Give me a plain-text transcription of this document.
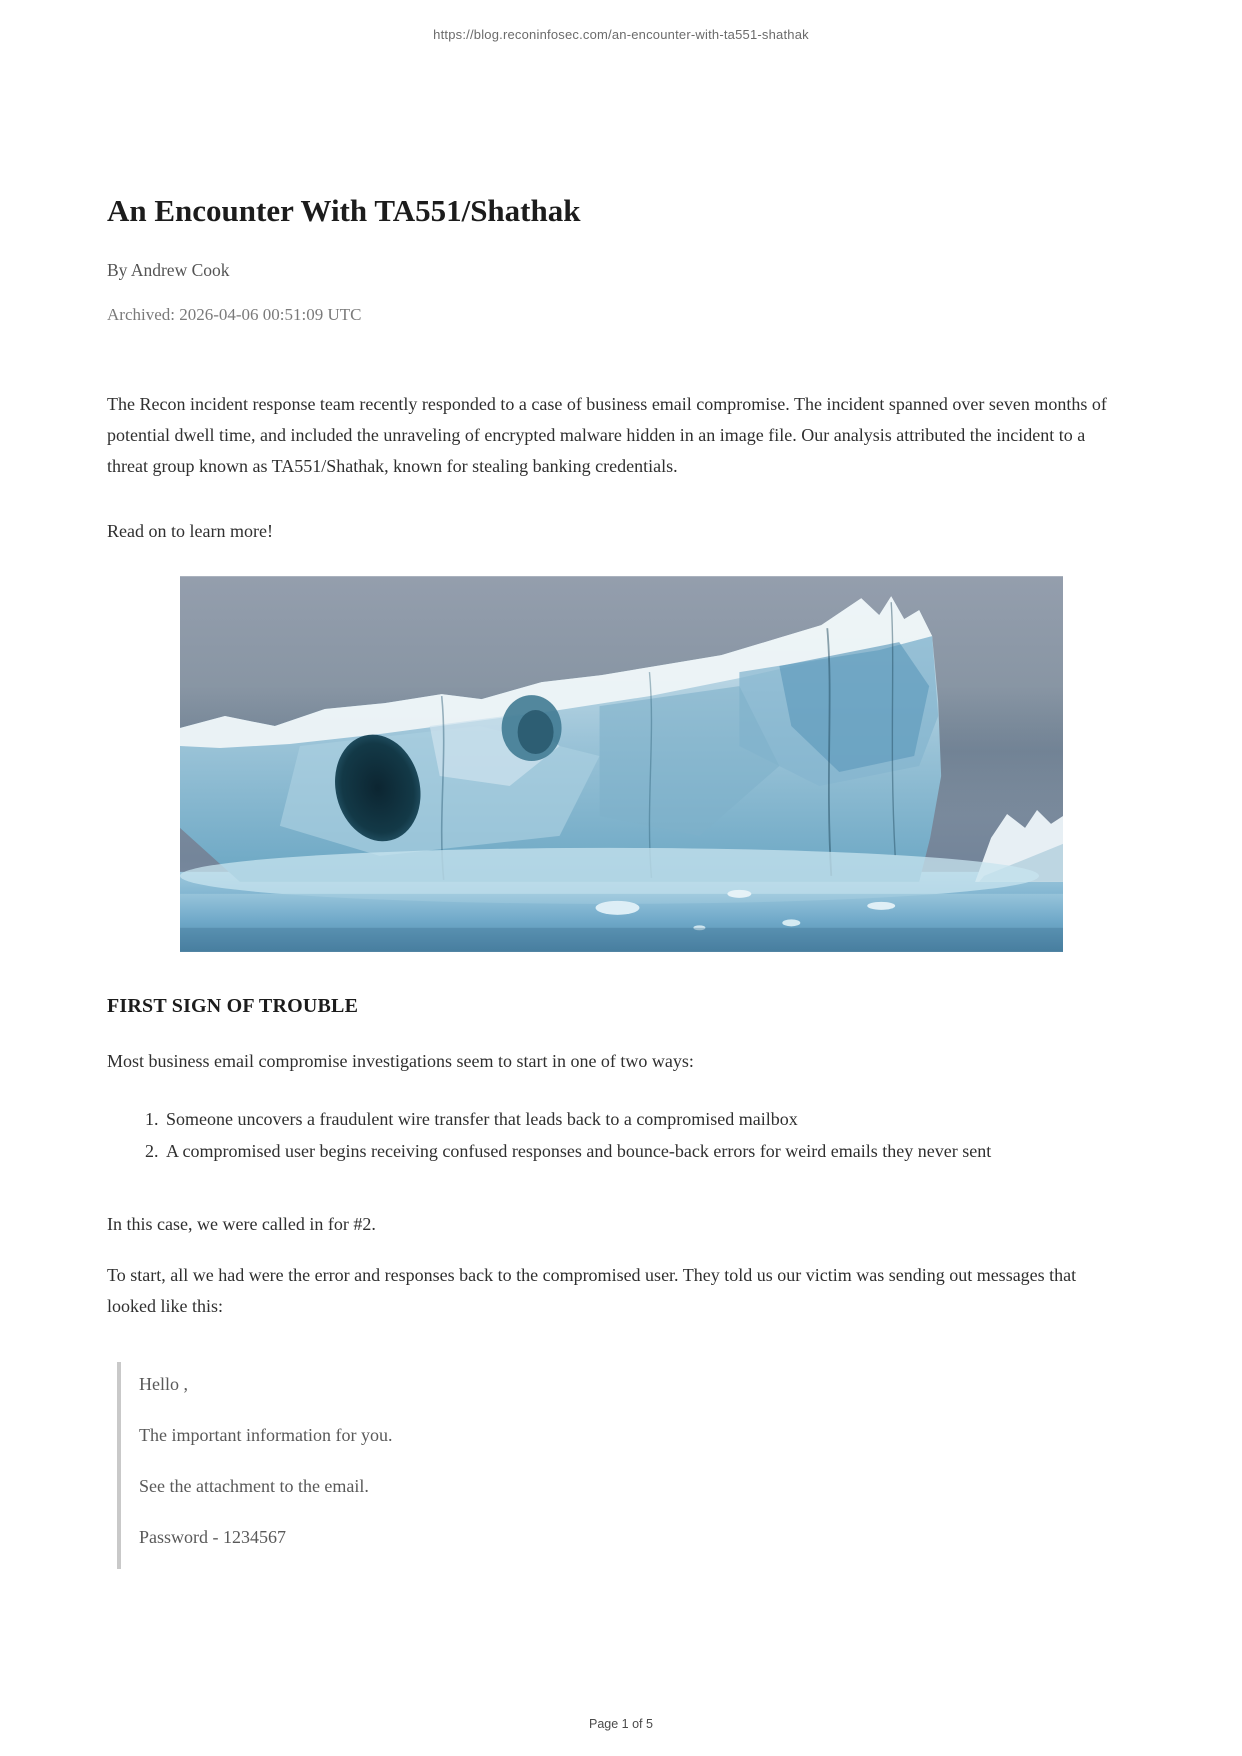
https://blog.reconinfosec.com/an-encounter-with-ta551-shathak
An Encounter With TA551/Shathak

By Andrew Cook

Archived: 2026-04-06 00:51:09 UTC

The Recon incident response team recently responded to a case of business email compromise. The incident spanned over seven months of potential dwell time, and included the unraveling of encrypted malware hidden in an image file. Our analysis attributed the incident to a threat group known as TA551/Shathak, known for stealing banking credentials.

Read on to learn more!

FIRST SIGN OF TROUBLE

Most business email compromise investigations seem to start in one of two ways:

1. Someone uncovers a fraudulent wire transfer that leads back to a compromised mailbox
2. A compromised user begins receiving confused responses and bounce-back errors for weird emails they never sent

In this case, we were called in for #2.

To start, all we had were the error and responses back to the compromised user. They told us our victim was sending out messages that looked like this:

Hello ,

The important information for you.

See the attachment to the email.

Password - 1234567

Page 1 of 5
